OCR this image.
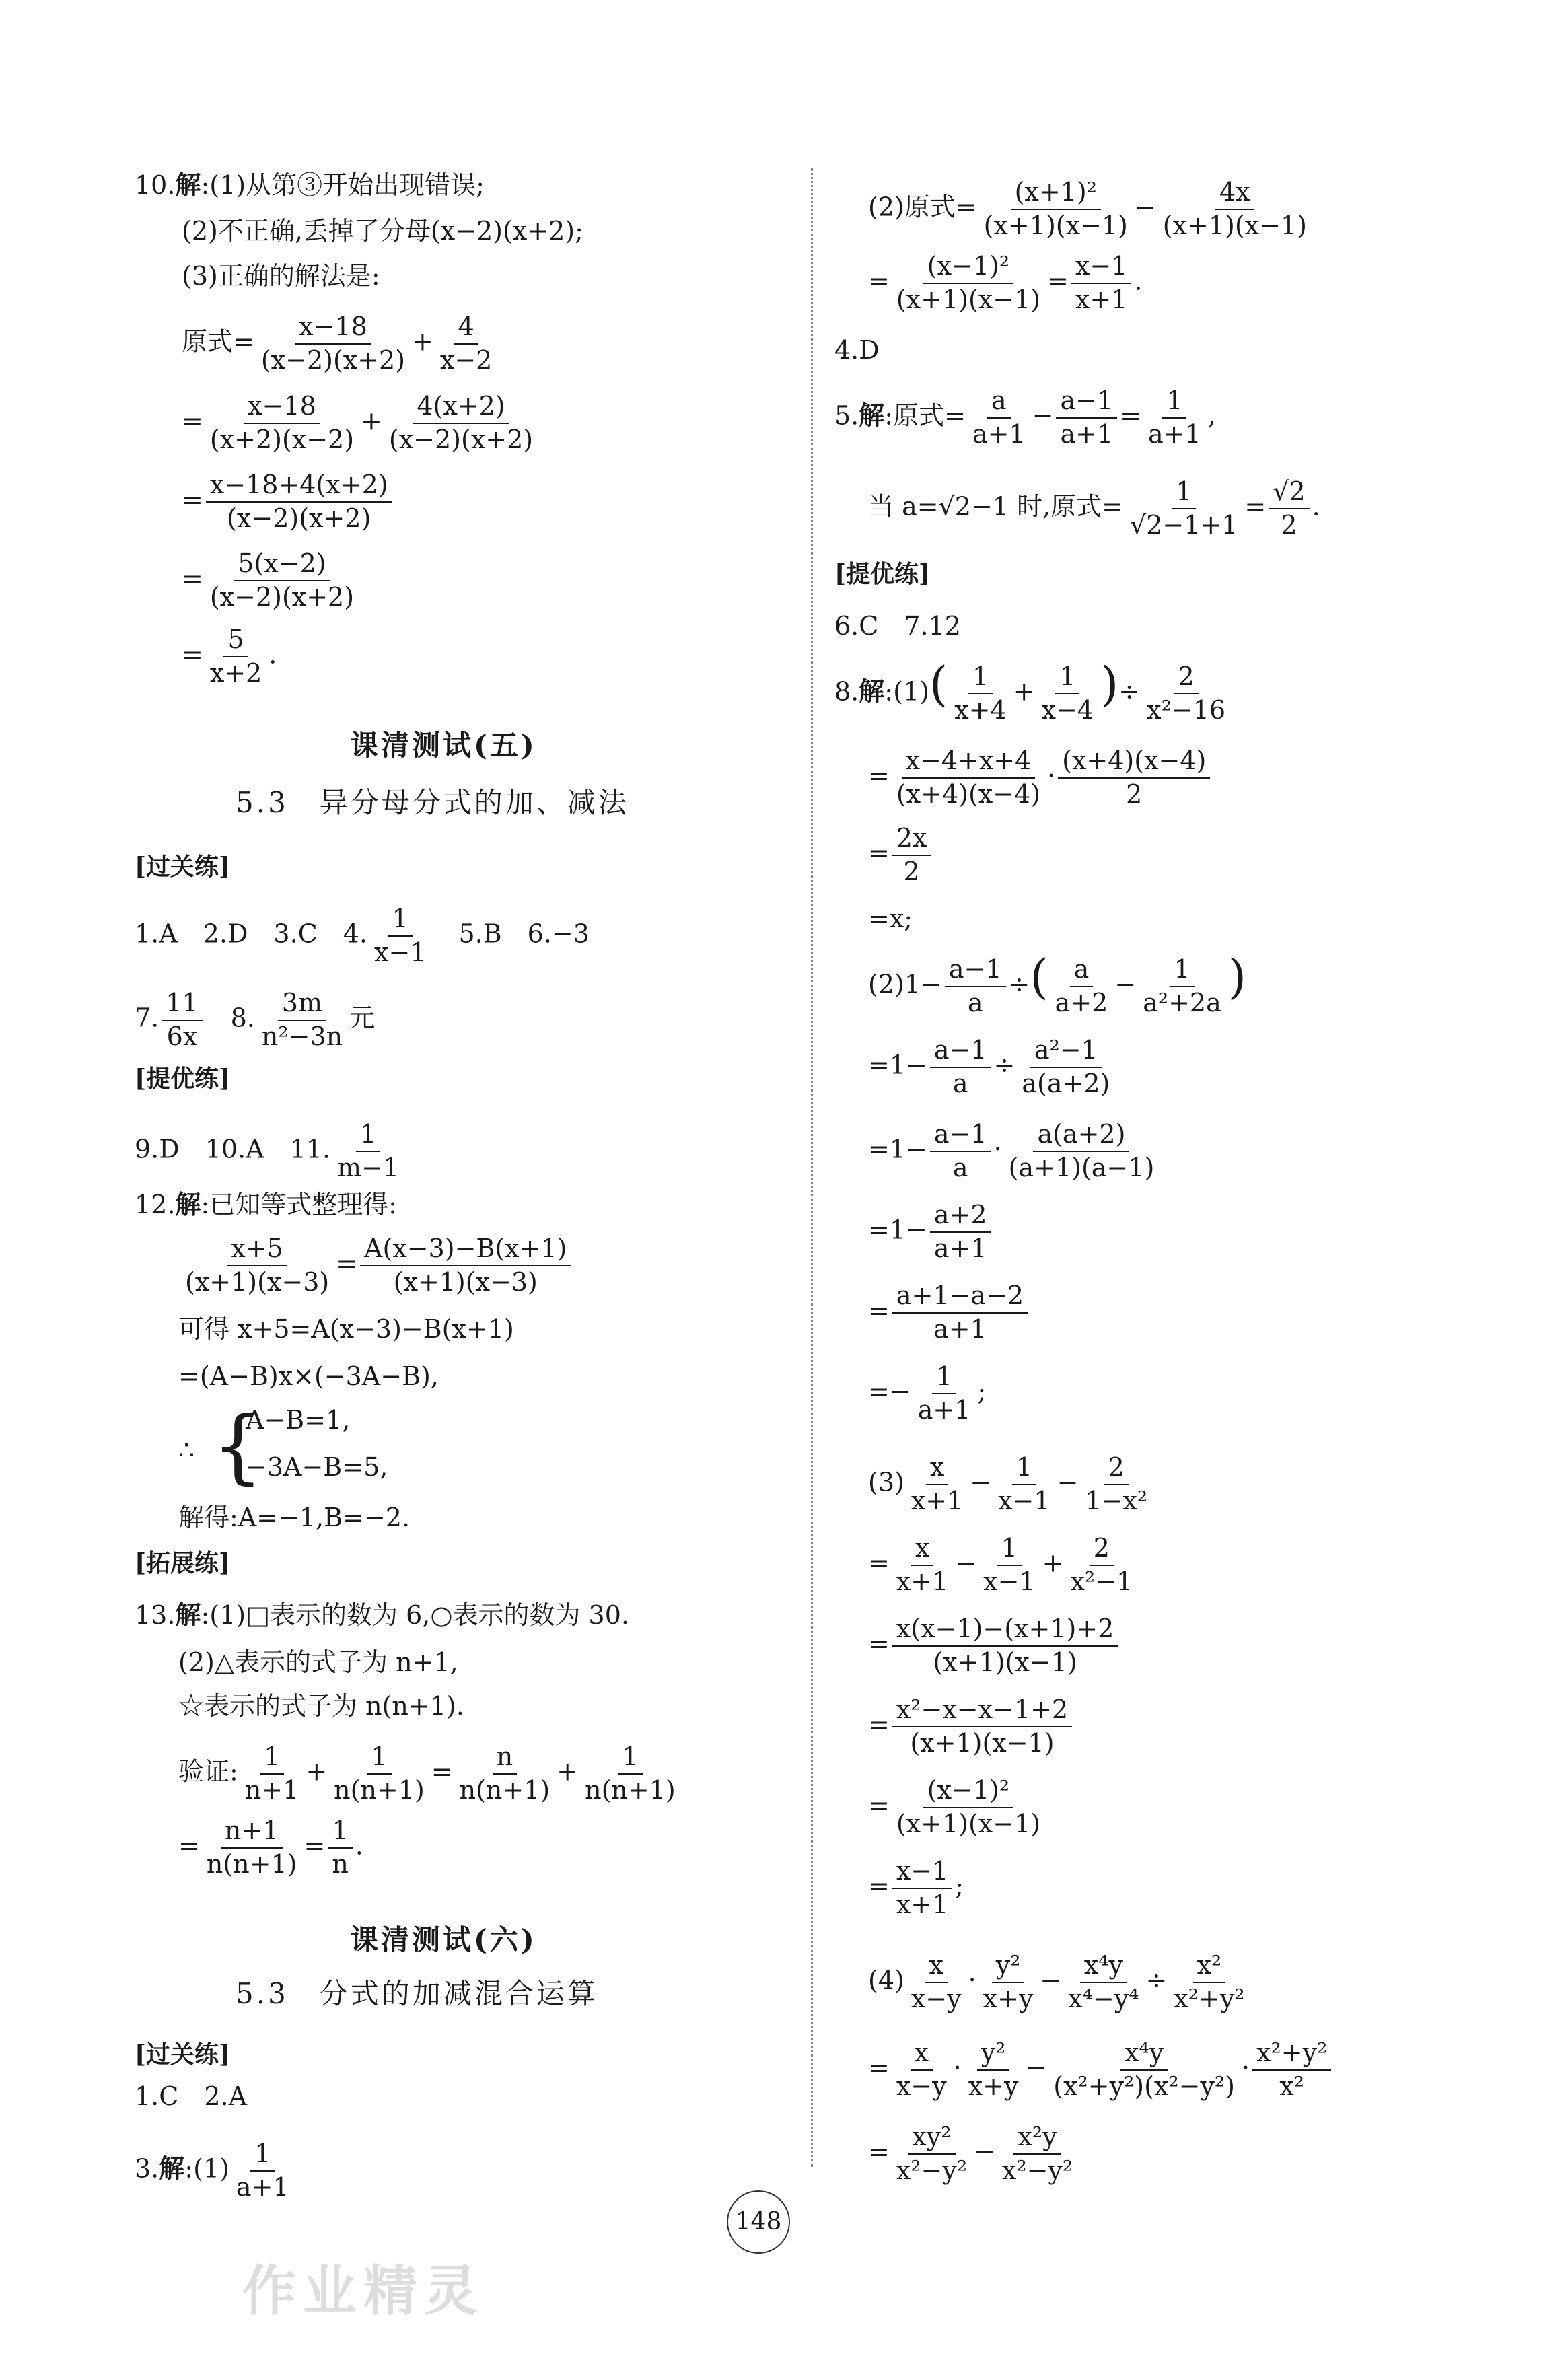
10.解:(1)从第③开始出现错误;
(2)不正确,丢掉了分母(x−2)(x+2);
(3)正确的解法是:
原式= $\frac{x-18}{(x-2)(x+2)} + \frac{4}{x-2}$
= $\frac{x-18}{(x+2)(x-2)} + \frac{4(x+2)}{(x-2)(x+2)}$
= $\frac{x-18+4(x+2)}{(x-2)(x+2)}$
= $\frac{5(x-2)}{(x-2)(x+2)}$
= $\frac{5}{x+2}$ .
课清测试(五)
5.3　异分母分式的加、减法
[过关练]
1.A　2.D　3.C　4. $\frac{1}{x-1}$ 　5.B　6.−3
7. $\frac{11}{6x}$ 　8. $\frac{3m}{\text{n²−3n}}$ 元
[提优练]
9.D　10.A　11. $\frac{1}{m-1}$
12.解:已知等式整理得:
$\frac{x+5}{(x+1)(x-3)} = \frac{A(x-3)-B(x+1)}{(x+1)(x-3)}$
可得 x+5=A(x−3)−B(x+1)
=(A−B)x×(−3A−B),
∴ {
A−B=1,
−3A−B=5,
解得:A=−1,B=−2.
[拓展练]
13.解:(1)□表示的数为 6,○表示的数为 30.
(2)△表示的式子为 n+1,
☆表示的式子为 n(n+1).
验证: $\frac{1}{n+1} + \frac{1}{n(n+1)} = \frac{n}{n(n+1)} + \frac{1}{n(n+1)}$
= $\frac{n+1}{n(n+1)} = \frac{1}{n}$ .
课清测试(六)
5.3　分式的加减混合运算
[过关练]
1.C　2.A
3.解:(1) $\frac{1}{a+1}$
(2)原式= $\frac{\text{(x+1)²}}{(x+1)(x-1)} - \frac{4x}{(x+1)(x-1)}$
= $\frac{\text{(x−1)²}}{(x+1)(x-1)} = \frac{x-1}{x+1}$ .
4.D
5.解:原式= $\frac{a}{a+1} - \frac{a-1}{a+1} = \frac{1}{a+1}$ ,
当 a=√2−1 时,原式= $\frac{1}{√2-1+1} = \frac{√2}{2}$ .
[提优练]
6.C　7.12
8.解:(1)( $\frac{1}{x+4} + \frac{1}{x-4}$ )÷ $\frac{2}{\text{x²−16}}$
= $\frac{x-4+x+4}{(x+4)(x-4)} \cdot \frac{(x+4)(x-4)}{2}$
= $\frac{2x}{2}$
=x;
$(2)1- \frac{a-1}{a}$ ÷( $\frac{a}{a+2} - \frac{1}{\text{a²+2a}}$ )
$=1- \frac{a-1}{a} \div \frac{\text{a²−1}}{a(a+2)}$
$=1- \frac{a-1}{a} \cdot \frac{a(a+2)}{(a+1)(a-1)}$
$=1- \frac{a+2}{a+1}$
= $\frac{a+1-a-2}{a+1}$
=− $\frac{1}{a+1}$ ;
$(3) \frac{x}{x+1} - \frac{1}{x-1} - \frac{2}{\text{1−x²}}$
= $\frac{x}{x+1} - \frac{1}{x-1} + \frac{2}{\text{x²−1}}$
= $\frac{x(x-1)-(x+1)+2}{(x+1)(x-1)}$
= $\frac{\text{x²−x−x−1+2}}{(x+1)(x-1)}$
= $\frac{\text{(x−1)²}}{(x+1)(x-1)}$
= $\frac{x-1}{x+1}$ ;
$(4) \frac{x}{x-y} \cdot \frac{\text{y²}}{x+y} - \frac{\text{x⁴y}}{\text{x⁴−y⁴}} \div \frac{\text{x²}}{\text{x²+y²}}$
= $\frac{x}{x-y} \cdot \frac{\text{y²}}{x+y} - \frac{\text{x⁴y}}{\text{(x²+y²)(x²−y²)}} \cdot \frac{\text{x²+y²}}{\text{x²}}$
= $\frac{\text{xy²}}{\text{x²−y²}} - \frac{\text{x²y}}{\text{x²−y²}}$
148
作业精灵
